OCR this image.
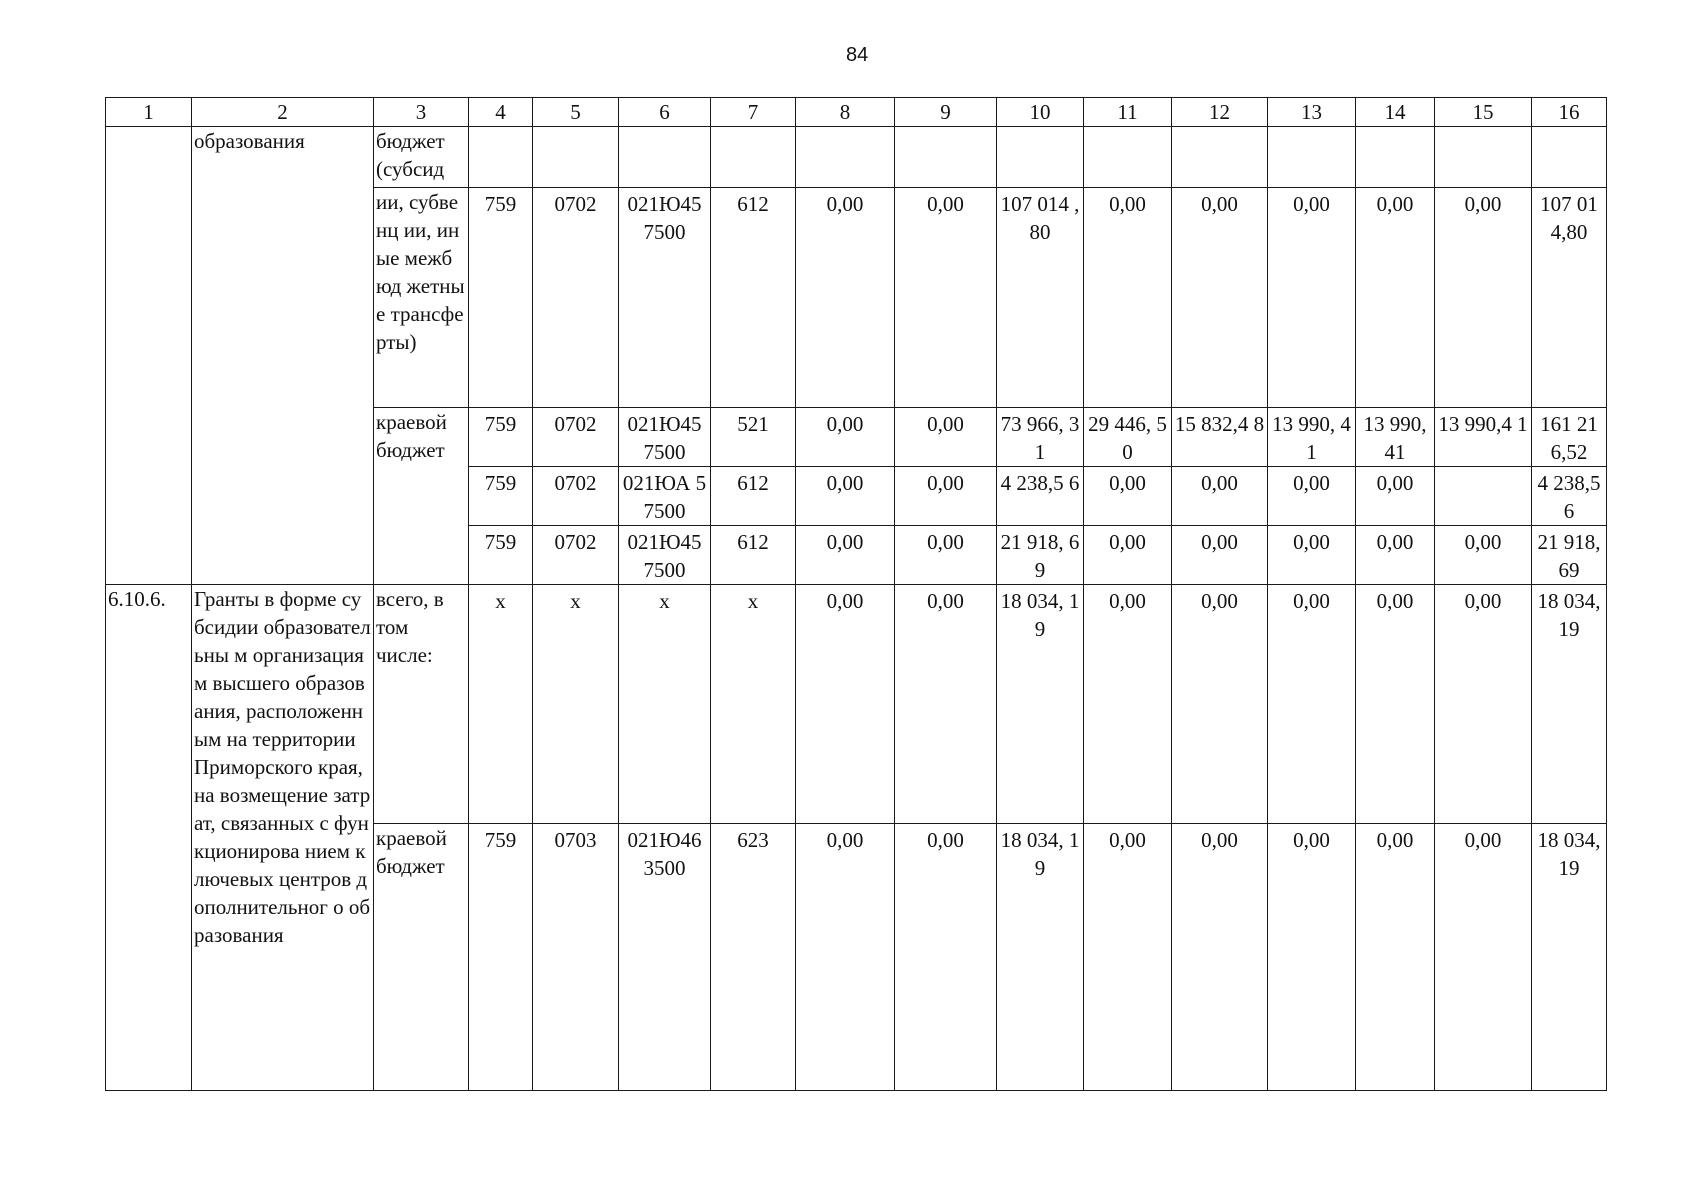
84
1	2	3	4	5	6	7	8	9	10	11	12	13	14	15	16
	образования	бюджет (субсид													
		ии, субвенц ии, иные межбюд жетные трансфе рты)	759	0702	021Ю45 7500	612	0,00	0,00	107 014 ,80	0,00	0,00	0,00	0,00	0,00	107 01 4,80
		краевой бюджет	759	0702	021Ю45 7500	521	0,00	0,00	73 966, 31	29 446, 50	15 832,4 8	13 990, 41	13 990, 41	13 990,4 1	161 21 6,52
			759	0702	021ЮА 57500	612	0,00	0,00	4 238,5 6	0,00	0,00	0,00	0,00		4 238,5 6
			759	0702	021Ю45 7500	612	0,00	0,00	21 918, 69	0,00	0,00	0,00	0,00	0,00	21 918, 69
6.10.6.	Гранты в форме субсидии образовательны м организациям высшего образования, расположенным на территории Приморского края, на возмещение затрат, связанных с функционирова нием ключевых центров дополнительног о образования	всего, в том числе:	х	х	х	х	0,00	0,00	18 034, 19	0,00	0,00	0,00	0,00	0,00	18 034, 19
		краевой бюджет	759	0703	021Ю46 3500	623	0,00	0,00	18 034, 19	0,00	0,00	0,00	0,00	0,00	18 034, 19
